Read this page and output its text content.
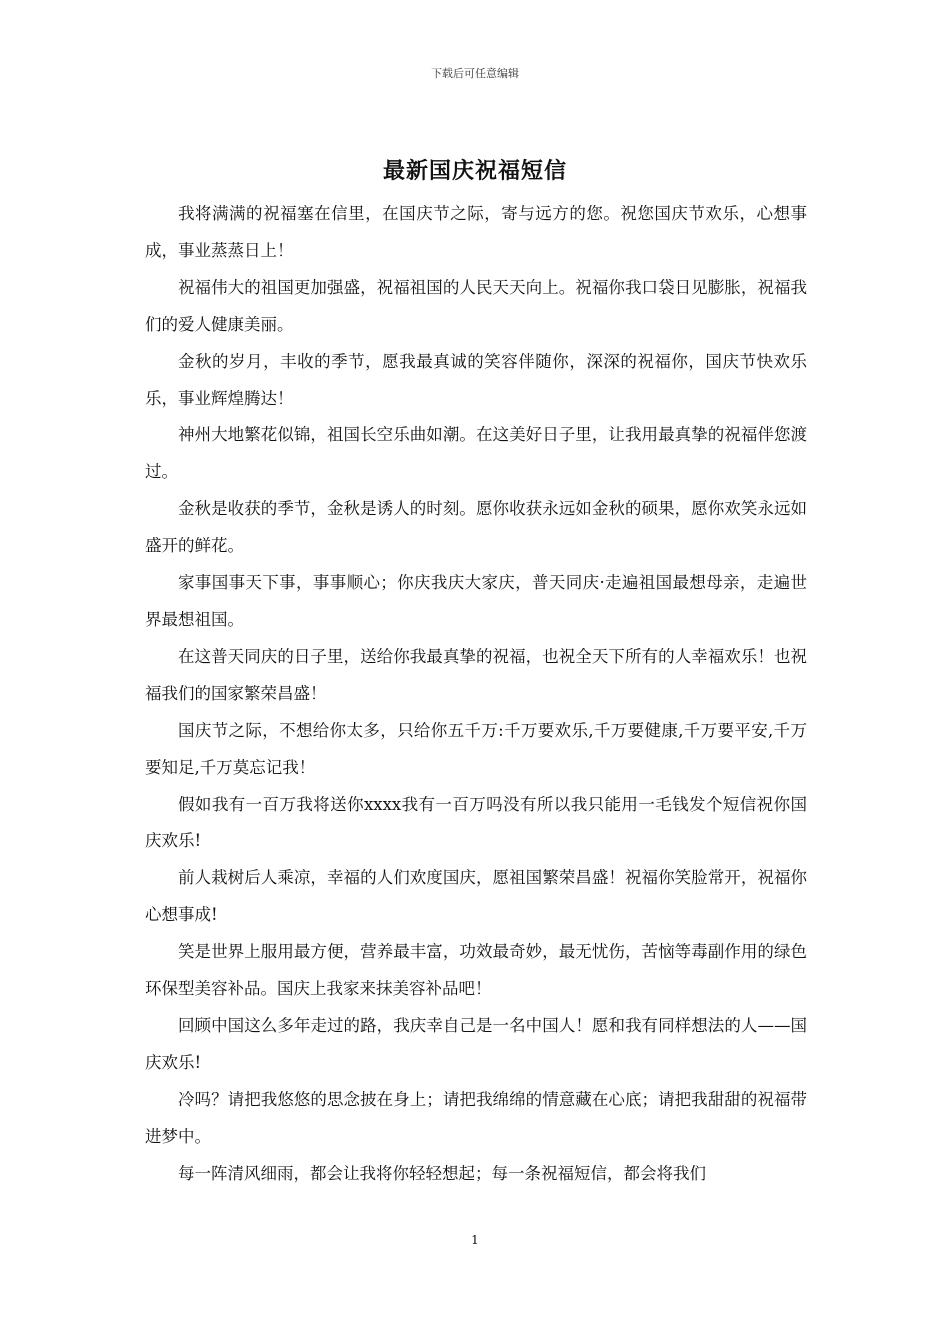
下载后可任意编辑
最新国庆祝福短信

我将满满的祝福塞在信里，在国庆节之际，寄与远方的您。祝您国庆节欢乐，心想事成，事业蒸蒸日上！

祝福伟大的祖国更加强盛，祝福祖国的人民天天向上。祝福你我口袋日见膨胀，祝福我们的爱人健康美丽。

金秋的岁月，丰收的季节，愿我最真诚的笑容伴随你，深深的祝福你，国庆节快欢乐乐，事业辉煌腾达！

神州大地繁花似锦，祖国长空乐曲如潮。在这美好日子里，让我用最真挚的祝福伴您渡过。

金秋是收获的季节，金秋是诱人的时刻。愿你收获永远如金秋的硕果，愿你欢笑永远如盛开的鲜花。

家事国事天下事，事事顺心；你庆我庆大家庆，普天同庆·走遍祖国最想母亲，走遍世界最想祖国。

在这普天同庆的日子里，送给你我最真挚的祝福，也祝全天下所有的人幸福欢乐！也祝福我们的国家繁荣昌盛！

国庆节之际，不想给你太多，只给你五千万:千万要欢乐,千万要健康,千万要平安,千万要知足,千万莫忘记我！

假如我有一百万我将送你xxxx我有一百万吗没有所以我只能用一毛钱发个短信祝你国庆欢乐!

前人栽树后人乘凉，幸福的人们欢度国庆，愿祖国繁荣昌盛！祝福你笑脸常开，祝福你心想事成!

笑是世界上服用最方便，营养最丰富，功效最奇妙，最无忧伤，苦恼等毒副作用的绿色环保型美容补品。国庆上我家来抹美容补品吧！

回顾中国这么多年走过的路，我庆幸自己是一名中国人！愿和我有同样想法的人——国庆欢乐!

冷吗？请把我悠悠的思念披在身上；请把我绵绵的情意藏在心底；请把我甜甜的祝福带进梦中。

每一阵清风细雨，都会让我将你轻轻想起；每一条祝福短信，都会将我们

1
